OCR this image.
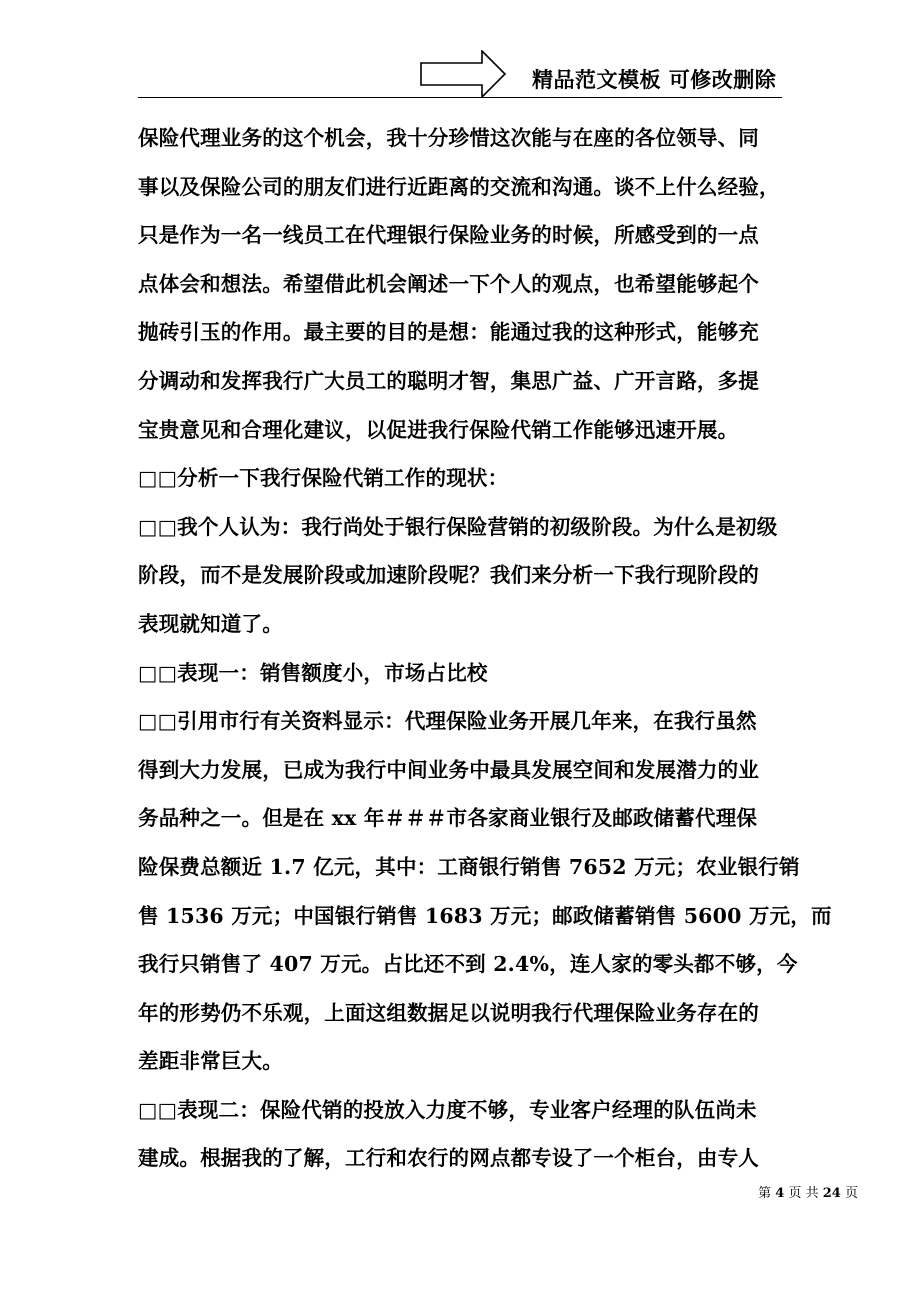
精品范文模板 可修改删除
保险代理业务的这个机会，我十分珍惜这次能与在座的各位领导、同
事以及保险公司的朋友们进行近距离的交流和沟通。谈不上什么经验，
只是作为一名一线员工在代理银行保险业务的时候，所感受到的一点
点体会和想法。希望借此机会阐述一下个人的观点，也希望能够起个
抛砖引玉的作用。最主要的目的是想：能通过我的这种形式，能够充
分调动和发挥我行广大员工的聪明才智，集思广益、广开言路，多提
宝贵意见和合理化建议，以促进我行保险代销工作能够迅速开展。
□□分析一下我行保险代销工作的现状：
□□我个人认为：我行尚处于银行保险营销的初级阶段。为什么是初级
阶段，而不是发展阶段或加速阶段呢？我们来分析一下我行现阶段的
表现就知道了。
□□表现一：销售额度小，市场占比校
□□引用市行有关资料显示：代理保险业务开展几年来，在我行虽然
得到大力发展，已成为我行中间业务中最具发展空间和发展潜力的业
务品种之一。但是在 xx 年＃＃＃市各家商业银行及邮政储蓄代理保
险保费总额近 1.7 亿元，其中：工商银行销售 7652 万元；农业银行销
售 1536 万元；中国银行销售 1683 万元；邮政储蓄销售 5600 万元，而
我行只销售了 407 万元。占比还不到 2.4%，连人家的零头都不够，今
年的形势仍不乐观，上面这组数据足以说明我行代理保险业务存在的
差距非常巨大。
□□表现二：保险代销的投放入力度不够，专业客户经理的队伍尚未
建成。根据我的了解，工行和农行的网点都专设了一个柜台，由专人
第 4 页 共 24 页
